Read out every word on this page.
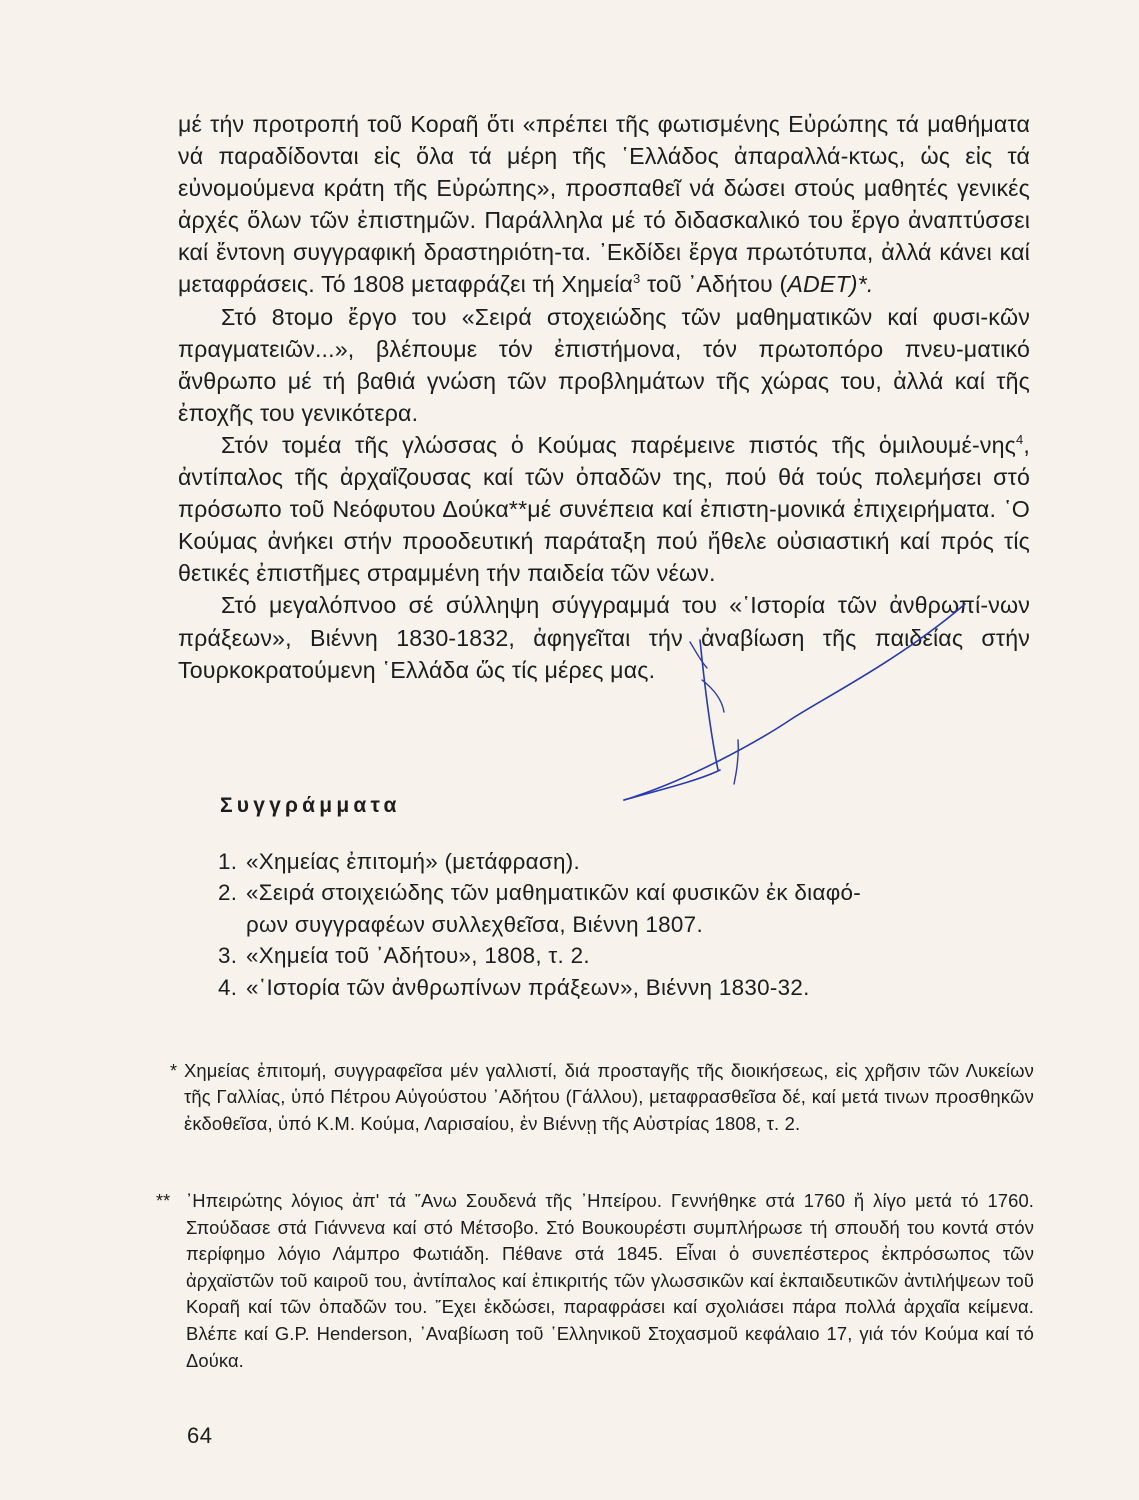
μέ τήν προτροπή τοῦ Κοραῆ ὅτι «πρέπει τῆς φωτισμένης Εὐρώπης τά μαθήματα νά παραδίδονται εἰς ὅλα τά μέρη τῆς ῾Ελλάδος ἀπαραλλά-κτως, ὡς εἰς τά εὐνομούμενα κράτη τῆς Εὐρώπης», προσπαθεῖ νά δώσει στούς μαθητές γενικές ἀρχές ὅλων τῶν ἐπιστημῶν. Παράλληλα μέ τό διδασκαλικό του ἔργο ἀναπτύσσει καί ἔντονη συγγραφική δραστηριότη-τα. ᾿Εκδίδει ἔργα πρωτότυπα, ἀλλά κάνει καί μεταφράσεις. Τό 1808 μεταφράζει τή Χημεία$^3$ τοῦ ᾿Αδήτου (ADET)*.

Στό 8τομο ἔργο του «Σειρά στοχειώδης τῶν μαθηματικῶν καί φυσι-κῶν πραγματειῶν...», βλέπουμε τόν ἐπιστήμονα, τόν πρωτοπόρο πνευ-ματικό ἄνθρωπο μέ τή βαθιά γνώση τῶν προβλημάτων τῆς χώρας του, ἀλλά καί τῆς ἐποχῆς του γενικότερα.

Στόν τομέα τῆς γλώσσας ὁ Κούμας παρέμεινε πιστός τῆς ὁμιλουμέ-νης$^4$, ἀντίπαλος τῆς ἀρχαΐζουσας καί τῶν ὀπαδῶν της, πού θά τούς πολεμήσει στό πρόσωπο τοῦ Νεόφυτου Δούκα**μέ συνέπεια καί ἐπιστη-μονικά ἐπιχειρήματα. ῾Ο Κούμας ἀνήκει στήν προοδευτική παράταξη πού ἤθελε οὐσιαστική καί πρός τίς θετικές ἐπιστῆμες στραμμένη τήν παιδεία τῶν νέων.

Στό μεγαλόπνοο σέ σύλληψη σύγγραμμά του «῾Ιστορία τῶν ἀνθρωπί-νων πράξεων», Βιέννη 1830-1832, ἀφηγεῖται τήν ἀναβίωση τῆς παιδείας στήν Τουρκοκρατούμενη ῾Ελλάδα ὥς τίς μέρες μας.

Συγγράμματα
1. «Χημείας ἐπιτομή» (μετάφραση).
2. «Σειρά στοιχειώδης τῶν μαθηματικῶν καί φυσικῶν ἐκ διαφό-
ρων συγγραφέων συλλεχθεῖσα, Βιέννη 1807.
3. «Χημεία τοῦ ᾿Αδήτου», 1808, τ. 2.
4. «῾Ιστορία τῶν ἀνθρωπίνων πράξεων», Βιέννη 1830-32.

* Χημείας ἐπιτομή, συγγραφεῖσα μέν γαλλιστί, διά προσταγῆς τῆς διοικήσεως, εἰς χρῆσιν τῶν Λυκείων τῆς Γαλλίας, ὑπό Πέτρου Αὐγούστου ᾿Αδήτου (Γάλλου), μεταφρασθεῖσα δέ, καί μετά τινων προσθηκῶν ἐκδοθεῖσα, ὑπό Κ.Μ. Κούμα, Λαρισαίου, ἐν Βιέννῃ τῆς Αὐστρίας 1808, τ. 2.

** ᾿Ηπειρώτης λόγιος ἀπ' τά ῎Ανω Σουδενά τῆς ᾿Ηπείρου. Γεννήθηκε στά 1760 ἤ λίγο μετά τό 1760. Σπούδασε στά Γιάννενα καί στό Μέτσοβο. Στό Βουκουρέστι συμπλήρωσε τή σπουδή του κοντά στόν περίφημο λόγιο Λάμπρο Φωτιάδη. Πέθανε στά 1845. Εἶναι ὁ συνεπέστερος ἐκπρόσωπος τῶν ἀρχαϊστῶν τοῦ καιροῦ του, ἀντίπαλος καί ἐπικριτής τῶν γλωσσικῶν καί ἐκπαιδευτικῶν ἀντιλήψεων τοῦ Κοραῆ καί τῶν ὀπαδῶν του. ῎Εχει ἐκδώσει, παραφράσει καί σχολιάσει πάρα πολλά ἀρχαῖα κείμενα. Βλέπε καί G.P. Henderson, ᾿Αναβίωση τοῦ ῾Ελληνικοῦ Στοχασμοῦ κεφάλαιο 17, γιά τόν Κούμα καί τό Δούκα.

64
